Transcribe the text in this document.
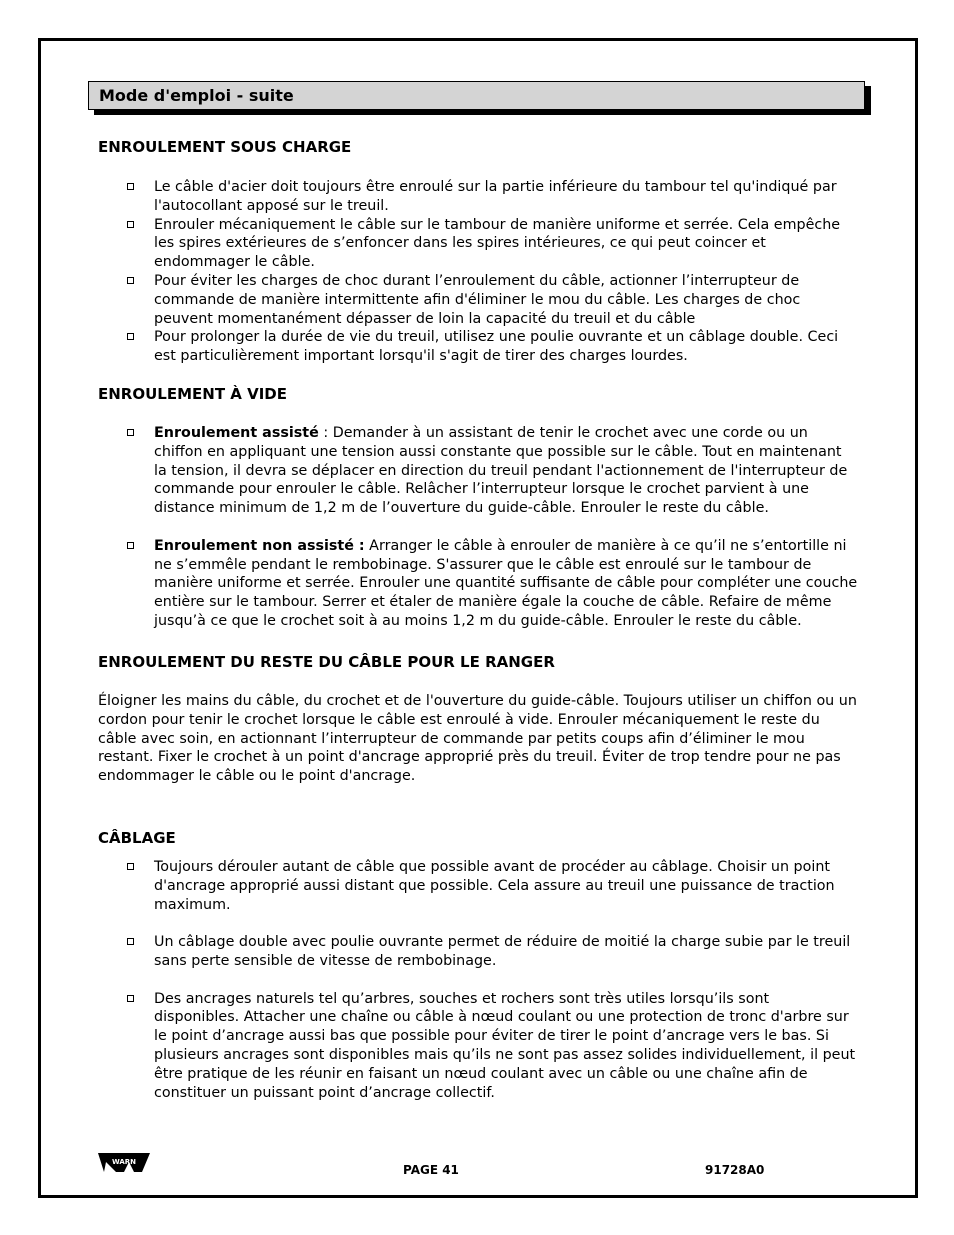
Mode d'emploi - suite
ENROULEMENT SOUS CHARGE
Le câble d'acier doit toujours être enroulé sur la partie inférieure du tambour tel qu'indiqué par l'autocollant apposé sur le treuil.
Enrouler mécaniquement le câble sur le tambour de manière uniforme et serrée. Cela empêche les spires extérieures de s’enfoncer dans les spires intérieures, ce qui peut coincer et endommager le câble.
Pour éviter les charges de choc durant l’enroulement du câble, actionner l’interrupteur de commande de manière intermittente afin d'éliminer le mou du câble. Les charges de choc peuvent momentanément dépasser de loin la capacité du treuil et du câble
Pour prolonger la durée de vie du treuil, utilisez une poulie ouvrante et un câblage double. Ceci est particulièrement important lorsqu'il s'agit de tirer des charges lourdes.
ENROULEMENT À VIDE
Enroulement assisté : Demander à un assistant de tenir le crochet avec une corde ou un chiffon en appliquant une tension aussi constante que possible sur le câble. Tout en maintenant la tension, il devra se déplacer en direction du treuil pendant l'actionnement de l'interrupteur de commande pour enrouler le câble. Relâcher l’interrupteur lorsque le crochet parvient à une distance minimum de 1,2 m de l’ouverture du guide-câble. Enrouler le reste du câble.
Enroulement non assisté : Arranger le câble à enrouler de manière à ce qu’il ne s’entortille ni ne s’emmêle pendant le rembobinage. S'assurer que le câble est enroulé sur le tambour de manière uniforme et serrée. Enrouler une quantité suffisante de câble pour compléter une couche entière sur le tambour. Serrer et étaler de manière égale la couche de câble. Refaire de même jusqu’à ce que le crochet soit à au moins 1,2 m du guide-câble. Enrouler le reste du câble.
ENROULEMENT DU RESTE DU CÂBLE POUR LE RANGER
Éloigner les mains du câble, du crochet et de l'ouverture du guide-câble. Toujours utiliser un chiffon ou un cordon pour tenir le crochet lorsque le câble est enroulé à vide. Enrouler mécaniquement le reste du câble avec soin, en actionnant l’interrupteur de commande par petits coups afin d’éliminer le mou restant. Fixer le crochet à un point d'ancrage approprié près du treuil. Éviter de trop tendre pour ne pas endommager le câble ou le point d'ancrage.
CÂBLAGE
Toujours dérouler autant de câble que possible avant de procéder au câblage. Choisir un point d'ancrage approprié aussi distant que possible. Cela assure au treuil une puissance de traction maximum.
Un câblage double avec poulie ouvrante permet de réduire de moitié la charge subie par le treuil sans perte sensible de vitesse de rembobinage.
Des ancrages naturels tel qu’arbres, souches et rochers sont très utiles lorsqu’ils sont disponibles. Attacher une chaîne ou câble à nœud coulant ou une protection de tronc d'arbre sur le point d’ancrage aussi bas que possible pour éviter de tirer le point d’ancrage vers le bas. Si plusieurs ancrages sont disponibles mais qu’ils ne sont pas assez solides individuellement, il peut être pratique de les réunir en faisant un nœud coulant avec un câble ou une chaîne afin de constituer un puissant point d’ancrage collectif.
WARN
PAGE 41	91728A0
